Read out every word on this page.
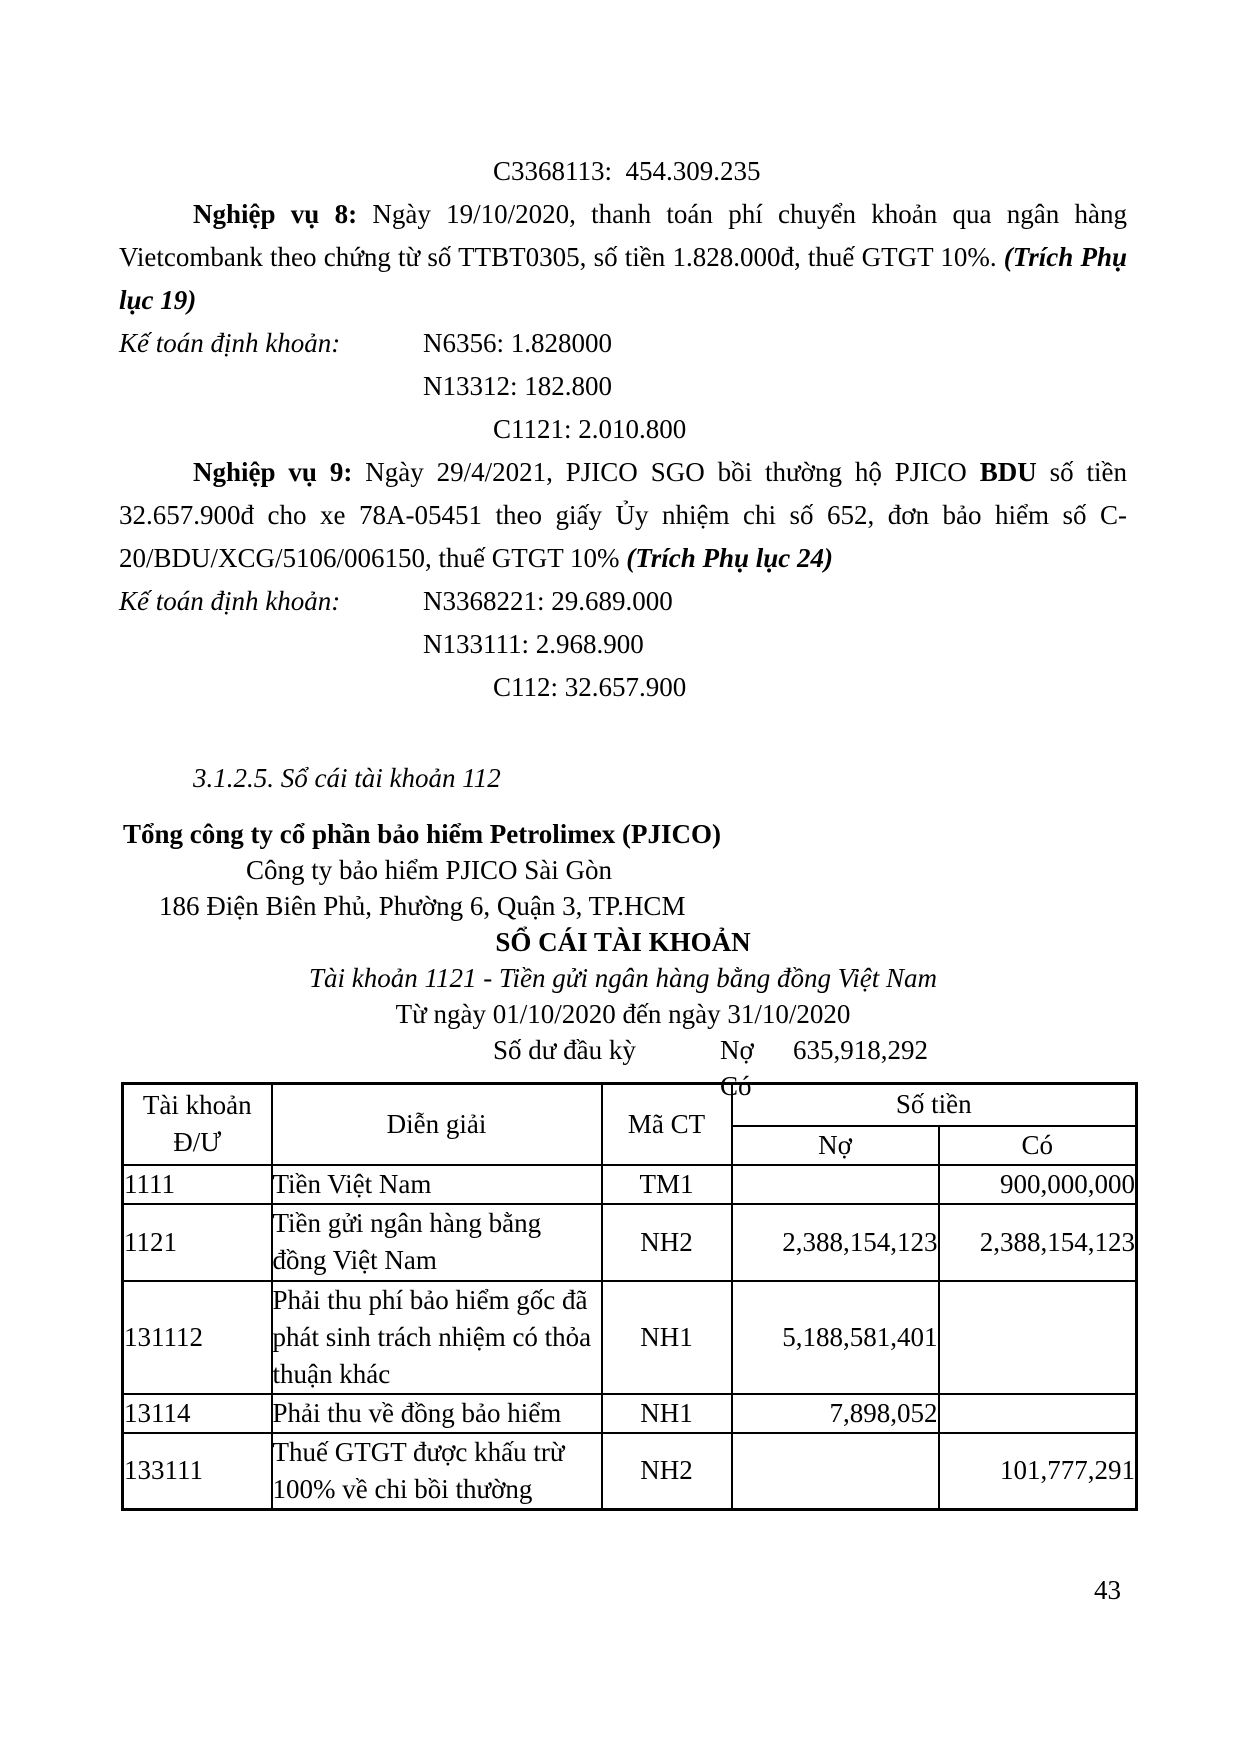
C3368113:  454.309.235

Nghiệp vụ 8: Ngày 19/10/2020, thanh toán phí chuyển khoản qua ngân hàng Vietcombank theo chứng từ số TTBT0305, số tiền 1.828.000đ, thuế GTGT 10%. (Trích Phụ lục 19)

Kế toán định khoản:	N6356: 1.828000
N13312: 182.800
C1121: 2.010.800

Nghiệp vụ 9: Ngày 29/4/2021, PJICO SGO bồi thường hộ PJICO BDU số tiền 32.657.900đ cho xe 78A-05451 theo giấy Ủy nhiệm chi số 652, đơn bảo hiểm số C-20/BDU/XCG/5106/006150, thuế GTGT 10% (Trích Phụ lục 24)

Kế toán định khoản:	N3368221: 29.689.000
N133111: 2.968.900
C112: 32.657.900
3.1.2.5. Sổ cái tài khoản 112
Tổng công ty cổ phần bảo hiểm Petrolimex (PJICO)
Công ty bảo hiểm PJICO Sài Gòn
186 Điện Biên Phủ, Phường 6, Quận 3, TP.HCM
SỔ CÁI TÀI KHOẢN
Tài khoản 1121 - Tiền gửi ngân hàng bằng đồng Việt Nam
Từ ngày 01/10/2020 đến ngày 31/10/2020
Số dư đầu kỳ	Nợ 635,918,292
Có
Tài khoản
Đ/Ư	Diễn giải	Mã CT	Số tiền	
			Nợ	Có
1111	Tiền Việt Nam	TM1		900,000,000
1121	Tiền gửi ngân hàng bằng đồng Việt Nam	NH2	2,388,154,123	2,388,154,123
131112	Phải thu phí bảo hiểm gốc đã phát sinh trách nhiệm có thỏa thuận khác	NH1	5,188,581,401	
13114	Phải thu về đồng bảo hiểm	NH1	7,898,052	
133111	Thuế GTGT được khấu trừ 100% về chi bồi thường	NH2		101,777,291
43
